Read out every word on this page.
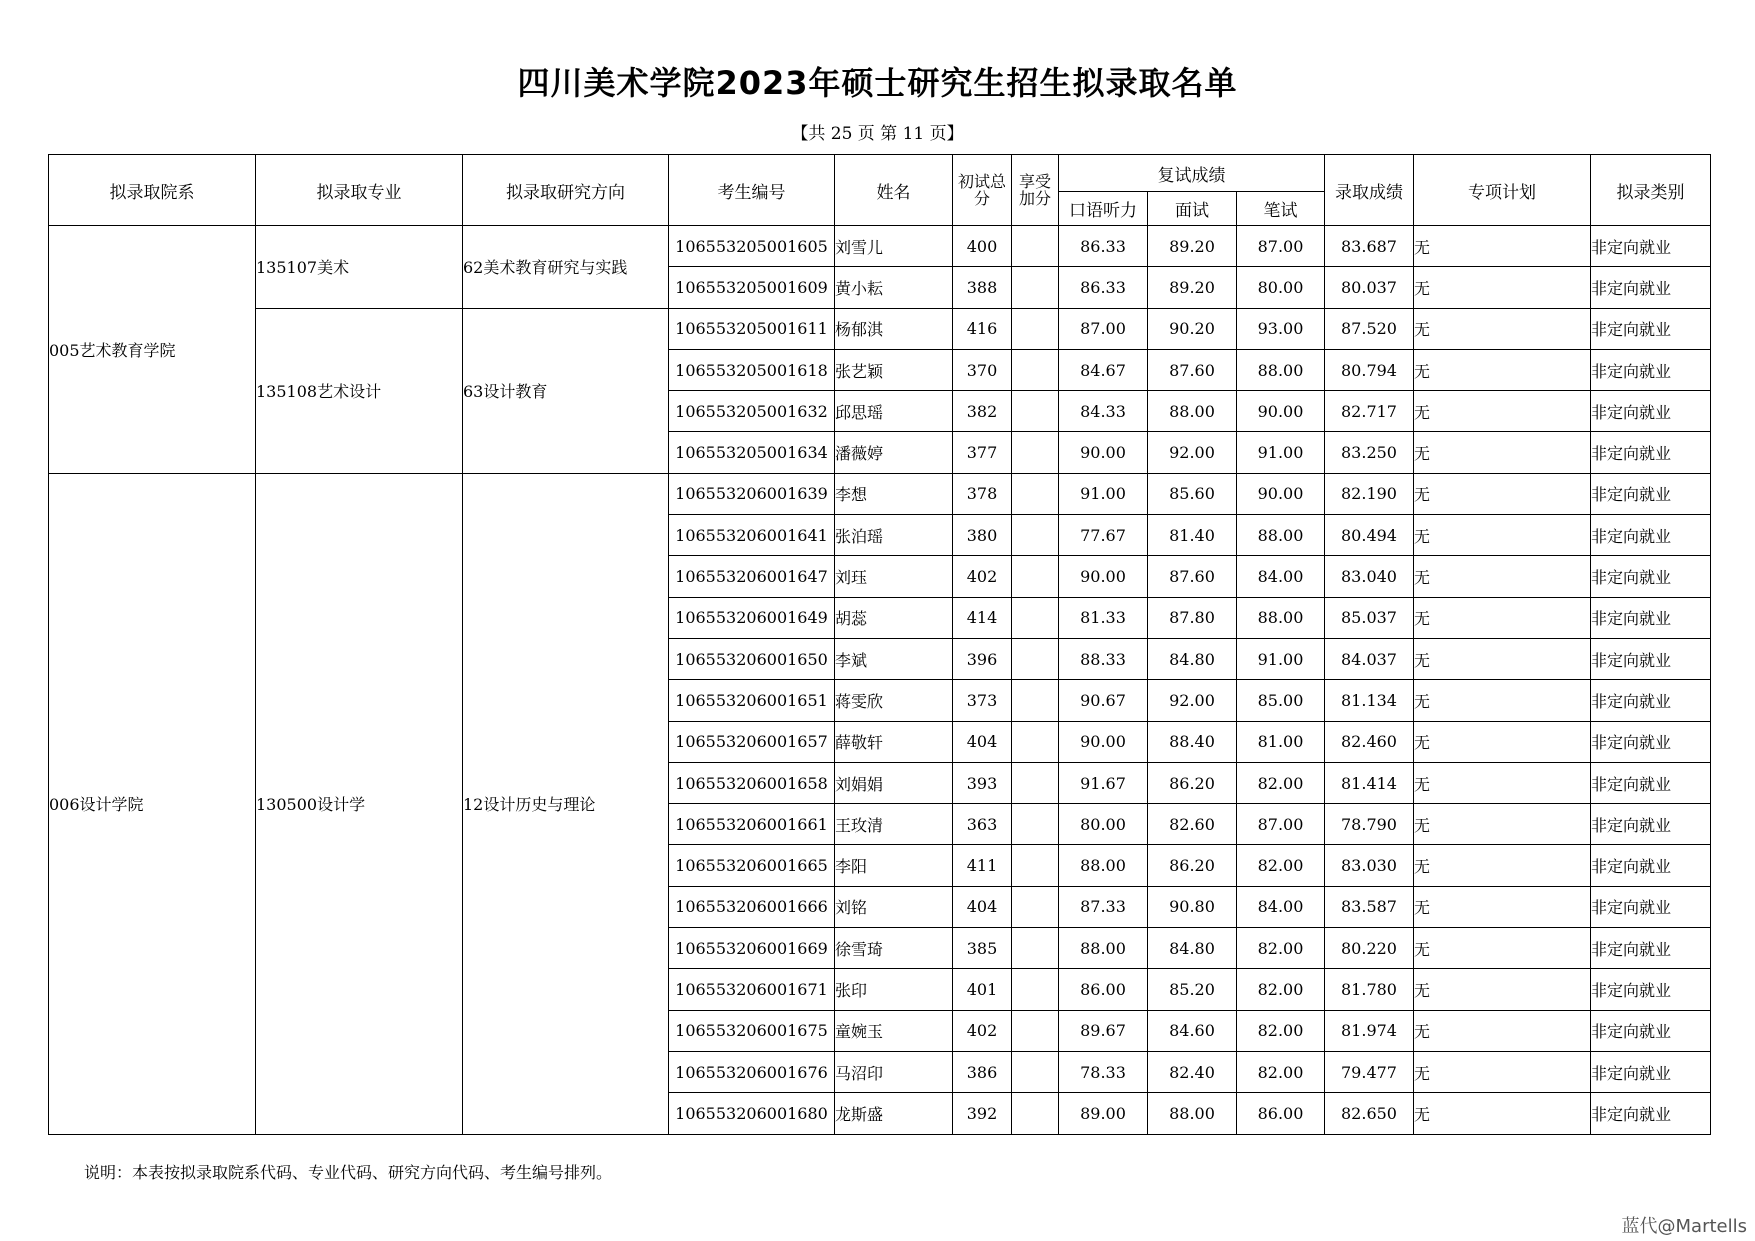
四川美术学院2023年硕士研究生招生拟录取名单
【共 25 页 第 11 页】
拟录取院系	拟录取专业	拟录取研究方向	考生编号	姓名	初试总分	享受加分	复试成绩			录取成绩	专项计划	拟录类别
							口语听力	面试	笔试			
005艺术教育学院	135107美术	62美术教育研究与实践	106553205001605	刘雪儿	400		86.33	89.20	87.00	83.687	无	非定向就业
			106553205001609	黄小耘	388		86.33	89.20	80.00	80.037	无	非定向就业
	135108艺术设计	63设计教育	106553205001611	杨郁淇	416		87.00	90.20	93.00	87.520	无	非定向就业
			106553205001618	张艺颖	370		84.67	87.60	88.00	80.794	无	非定向就业
			106553205001632	邱思瑶	382		84.33	88.00	90.00	82.717	无	非定向就业
			106553205001634	潘薇婷	377		90.00	92.00	91.00	83.250	无	非定向就业
006设计学院	130500设计学	12设计历史与理论	106553206001639	李想	378		91.00	85.60	90.00	82.190	无	非定向就业
			106553206001641	张泊瑶	380		77.67	81.40	88.00	80.494	无	非定向就业
			106553206001647	刘珏	402		90.00	87.60	84.00	83.040	无	非定向就业
			106553206001649	胡蕊	414		81.33	87.80	88.00	85.037	无	非定向就业
			106553206001650	李斌	396		88.33	84.80	91.00	84.037	无	非定向就业
			106553206001651	蒋雯欣	373		90.67	92.00	85.00	81.134	无	非定向就业
			106553206001657	薛敬轩	404		90.00	88.40	81.00	82.460	无	非定向就业
			106553206001658	刘娟娟	393		91.67	86.20	82.00	81.414	无	非定向就业
			106553206001661	王玫清	363		80.00	82.60	87.00	78.790	无	非定向就业
			106553206001665	李阳	411		88.00	86.20	82.00	83.030	无	非定向就业
			106553206001666	刘铭	404		87.33	90.80	84.00	83.587	无	非定向就业
			106553206001669	徐雪琦	385		88.00	84.80	82.00	80.220	无	非定向就业
			106553206001671	张印	401		86.00	85.20	82.00	81.780	无	非定向就业
			106553206001675	童婉玉	402		89.67	84.60	82.00	81.974	无	非定向就业
			106553206001676	马沼印	386		78.33	82.40	82.00	79.477	无	非定向就业
			106553206001680	龙斯盛	392		89.00	88.00	86.00	82.650	无	非定向就业
说明：本表按拟录取院系代码、专业代码、研究方向代码、考生编号排列。
蓝代@Martells
